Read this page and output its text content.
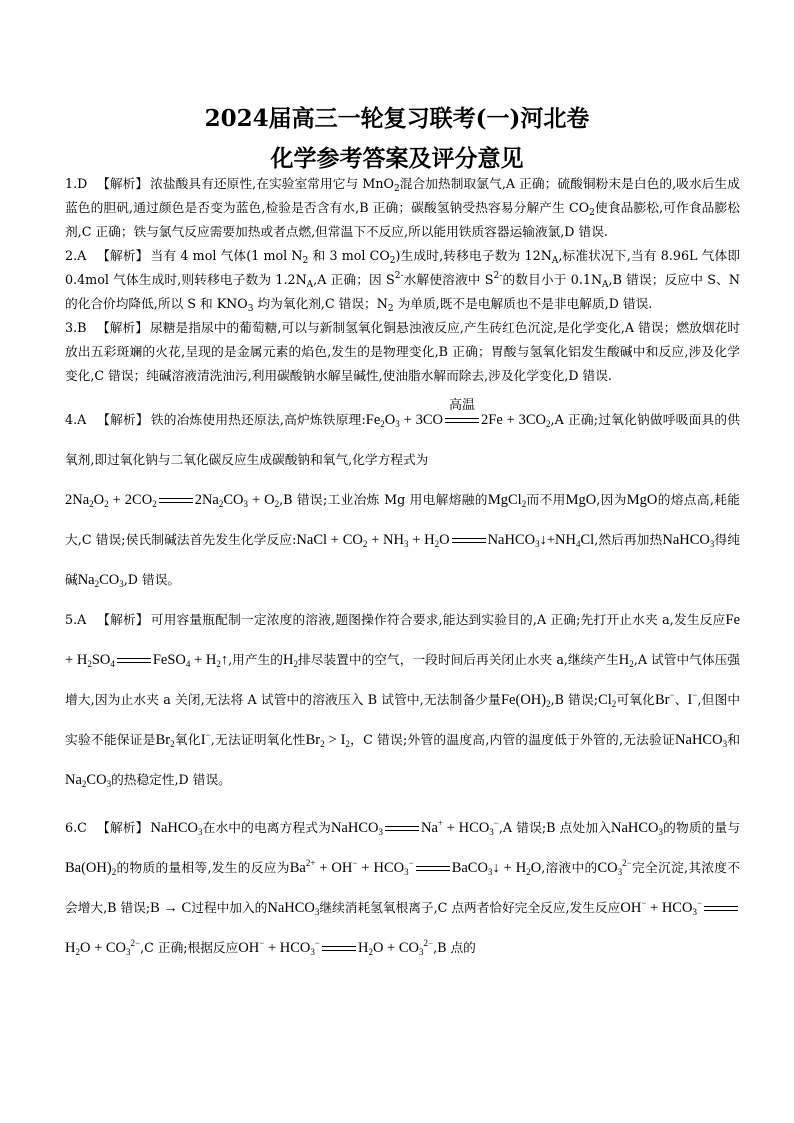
2024届高三一轮复习联考(一)河北卷
化学参考答案及评分意见

1.D 【解析】 浓盐酸具有还原性,在实验室常用它与 MnO$_2$混合加热制取氯气,A 正确；硫酸铜粉末是白色的,吸水后生成蓝色的胆矾,通过颜色是否变为蓝色,检验是否含有水,B 正确；碳酸氢钠受热容易分解产生 $CO_2$使食品膨松,可作食品膨松剂,C 正确；铁与氯气反应需要加热或者点燃,但常温下不反应,所以能用铁质容器运输液氯,D 错误.

2.A 【解析】 当有 4 mol 气体(1 mol $N_2$ 和 3 mol $CO_2$)生成时,转移电子数为 $12N_A$,标准状况下,当有 8.96L 气体即 0.4mol 气体生成时,则转移电子数为 $1.2N_A,A$ 正确；因 $S^{2-}$水解使溶液中 $S^{2-}$的数目小于 $0.1N_A,B$ 错误；反应中 S、N 的化合价均降低,所以 S 和 $KNO_3$ 均为氧化剂,C 错误；$N_2$ 为单质,既不是电解质也不是非电解质,D 错误.

3.B 【解析】 尿糖是指尿中的葡萄糖,可以与新制氢氧化铜悬浊液反应,产生砖红色沉淀,是化学变化,A 错误；燃放烟花时放出五彩斑斓的火花,呈现的是金属元素的焰色,发生的是物理变化,B 正确；胃酸与氢氧化铝发生酸碱中和反应,涉及化学变化,C 错误；纯碱溶液清洗油污,利用碳酸钠水解呈碱性,使油脂水解而除去,涉及化学变化,D 错误.

4.A 【解析】 铁的冶炼使用热还原法,高炉炼铁原理$:Fe_2O_3 + 3CO$
高温
$2Fe + 3CO_2,A$ 正确;过氧化钠做呼吸面具的供氧剂,即过氧化钠与二氧化碳反应生成碳酸钠和氧气,化学方程式为
$2Na_2O_2 + 2CO_2$	$2Na_2CO_3 + O_2,B$ 错误;工业冶炼 Mg 用电解熔融的MgCl$_2$而不用MgO,因为MgO的熔点高,耗能大,C 错误;侯氏制碱法首先发生化学反应:NaCl + $CO_2 + NH_3 + H_2O$	$NaHCO_3↓+NH_4Cl$,然后再加热NaHCO$_3$得纯碱$Na_2CO_3,D$ 错误。

5.A 【解析】 可用容量瓶配制一定浓度的溶液,题图操作符合要求,能达到实验目的,A 正确;先打开止水夹 a,发生反应$Fe + H_2SO_4$	FeSO$_4$ + $H_2↑$,用产生的$H_2$排尽装置中的空气，一段时间后再关闭止水夹 a,继续产生$H_2,A$ 试管中气体压强增大,因为止水夹 a 关闭,无法将 A 试管中的溶液压入 B 试管中,无法制备少量$Fe(OH)_2,B$ 错误$;Cl_2$可氧化Br−、I−,但图中实验不能保证是$Br_2$氧化I−,无法证明氧化性$Br_2 > I_2$，C 错误;外管的温度高,内管的温度低于外管的,无法验证NaHCO$_3$和$Na_2CO_3$的热稳定性,D 错误。

6.C 【解析】 NaHCO$_3$在水中的电离方程式为NaHCO$_3$	$Na^+ + HCO_3^-,A$ 错误;B 点处加入NaHCO$_3$的物质的量与$Ba(OH)_2$的物质的量相等,发生的反应为$Ba^{2+} + OH^- + HCO_3^-$	BaCO$_3$↓ + $H_2O$,溶液中的$CO_3^{2-}$完全沉淀,其浓度不会增大,B 错误;B → C过程中加入的NaHCO$_3$继续消耗氢氧根离子,C 点两者恰好完全反应,发生反应$OH^- + HCO_3^-H_2O + CO_3^{2-},C$ 正确;根据反应$OH^- + HCO_3^-$	$H_2O + CO_3^{2-},B$ 点的
